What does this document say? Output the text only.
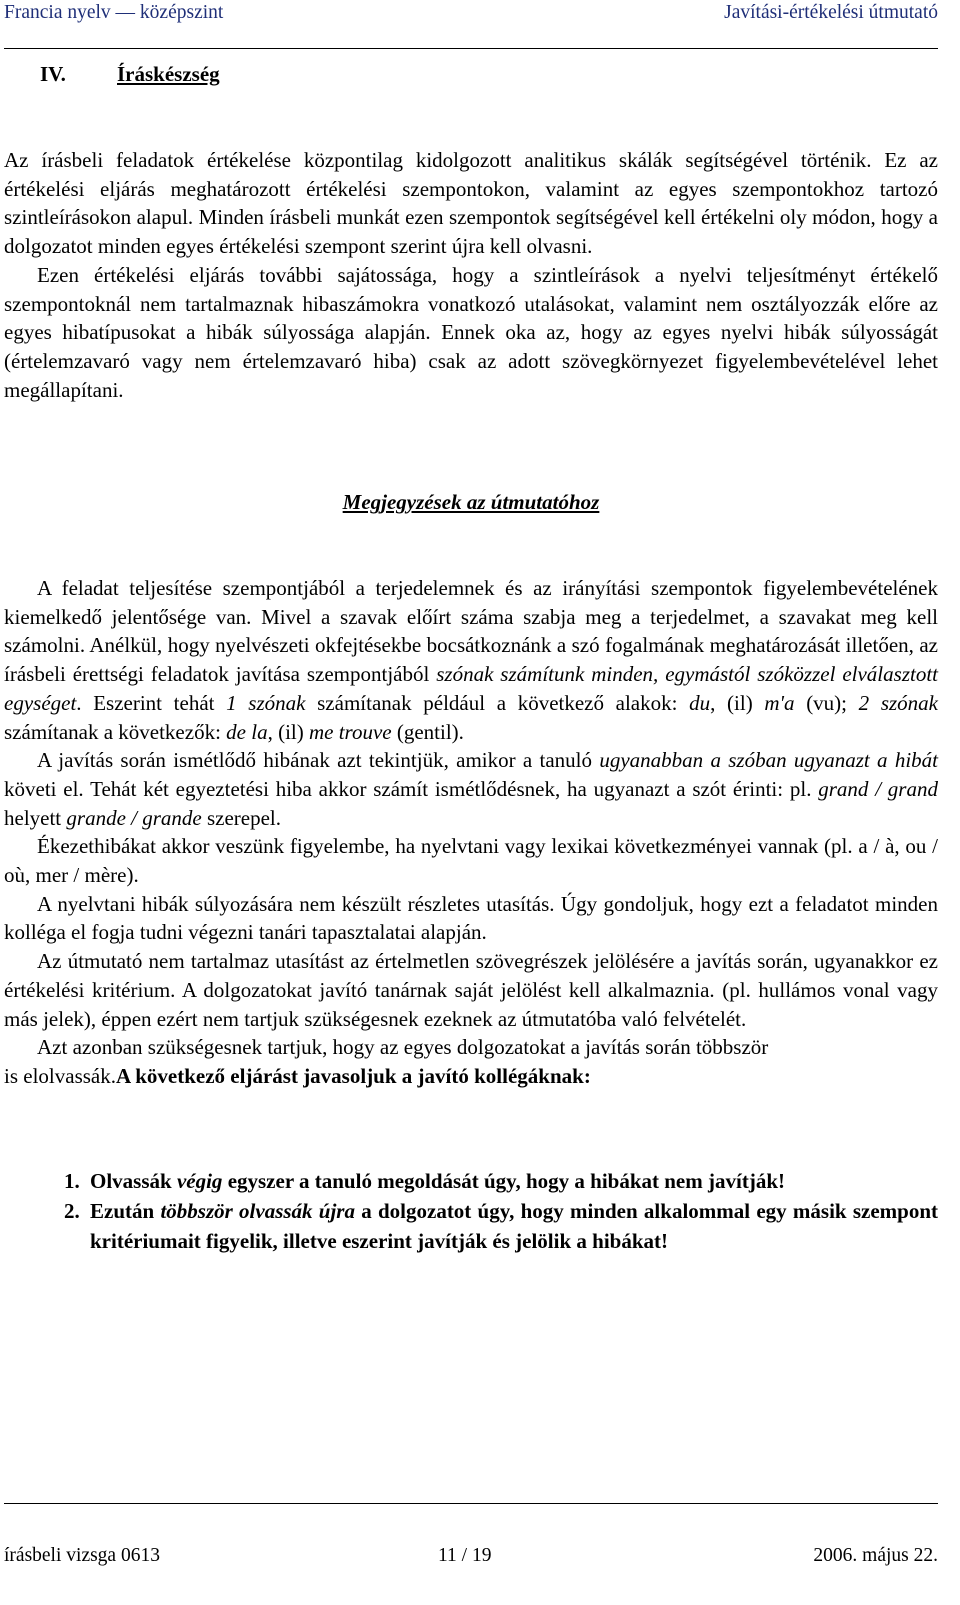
Francia nyelv — középszint	Javítási-értékelési útmutató
IV. Íráskészség

Az írásbeli feladatok értékelése központilag kidolgozott analitikus skálák segítségével történik. Ez az értékelési eljárás meghatározott értékelési szempontokon, valamint az egyes szempontokhoz tartozó szintleírásokon alapul. Minden írásbeli munkát ezen szempontok segítségével kell értékelni oly módon, hogy a dolgozatot minden egyes értékelési szempont szerint újra kell olvasni.

Ezen értékelési eljárás további sajátossága, hogy a szintleírások a nyelvi teljesítményt értékelő szempontoknál nem tartalmaznak hibaszámokra vonatkozó utalásokat, valamint nem osztályozzák előre az egyes hibatípusokat a hibák súlyossága alapján. Ennek oka az, hogy az egyes nyelvi hibák súlyosságát (értelemzavaró vagy nem értelemzavaró hiba) csak az adott szövegkörnyezet figyelembevételével lehet megállapítani.

Megjegyzések az útmutatóhoz

A feladat teljesítése szempontjából a terjedelemnek és az irányítási szempontok figyelembevételének kiemelkedő jelentősége van. Mivel a szavak előírt száma szabja meg a terjedelmet, a szavakat meg kell számolni. Anélkül, hogy nyelvészeti okfejtésekbe bocsátkoznánk a szó fogalmának meghatározását illetően, az írásbeli érettségi feladatok javítása szempontjából szónak számítunk minden, egymástól szóközzel elválasztott egységet. Eszerint tehát 1 szónak számítanak például a következő alakok: du, (il) m'a (vu); 2 szónak számítanak a következők: de la, (il) me trouve (gentil).

A javítás során ismétlődő hibának azt tekintjük, amikor a tanuló ugyanabban a szóban ugyanazt a hibát követi el. Tehát két egyeztetési hiba akkor számít ismétlődésnek, ha ugyanazt a szót érinti: pl. grand / grand helyett grande / grande szerepel.

Ékezethibákat akkor veszünk figyelembe, ha nyelvtani vagy lexikai következményei vannak (pl. a / à, ou / où, mer / mère).

A nyelvtani hibák súlyozására nem készült részletes utasítás. Úgy gondoljuk, hogy ezt a feladatot minden kolléga el fogja tudni végezni tanári tapasztalatai alapján.

Az útmutató nem tartalmaz utasítást az értelmetlen szövegrészek jelölésére a javítás során, ugyanakkor ez értékelési kritérium. A dolgozatokat javító tanárnak saját jelölést kell alkalmaznia. (pl. hullámos vonal vagy más jelek), éppen ezért nem tartjuk szükségesnek ezeknek az útmutatóba való felvételét.

Azt azonban szükségesnek tartjuk, hogy az egyes dolgozatokat a javítás során többször
is elolvassák.A következő eljárást javasoljuk a javító kollégáknak:

1. Olvassák végig egyszer a tanuló megoldását úgy, hogy a hibákat nem javítják!
2. Ezután többször olvassák újra a dolgozatot úgy, hogy minden alkalommal egy másik szempont kritériumait figyelik, illetve eszerint javítják és jelölik a hibákat!
írásbeli vizsga 0613	11 / 19	2006. május 22.
